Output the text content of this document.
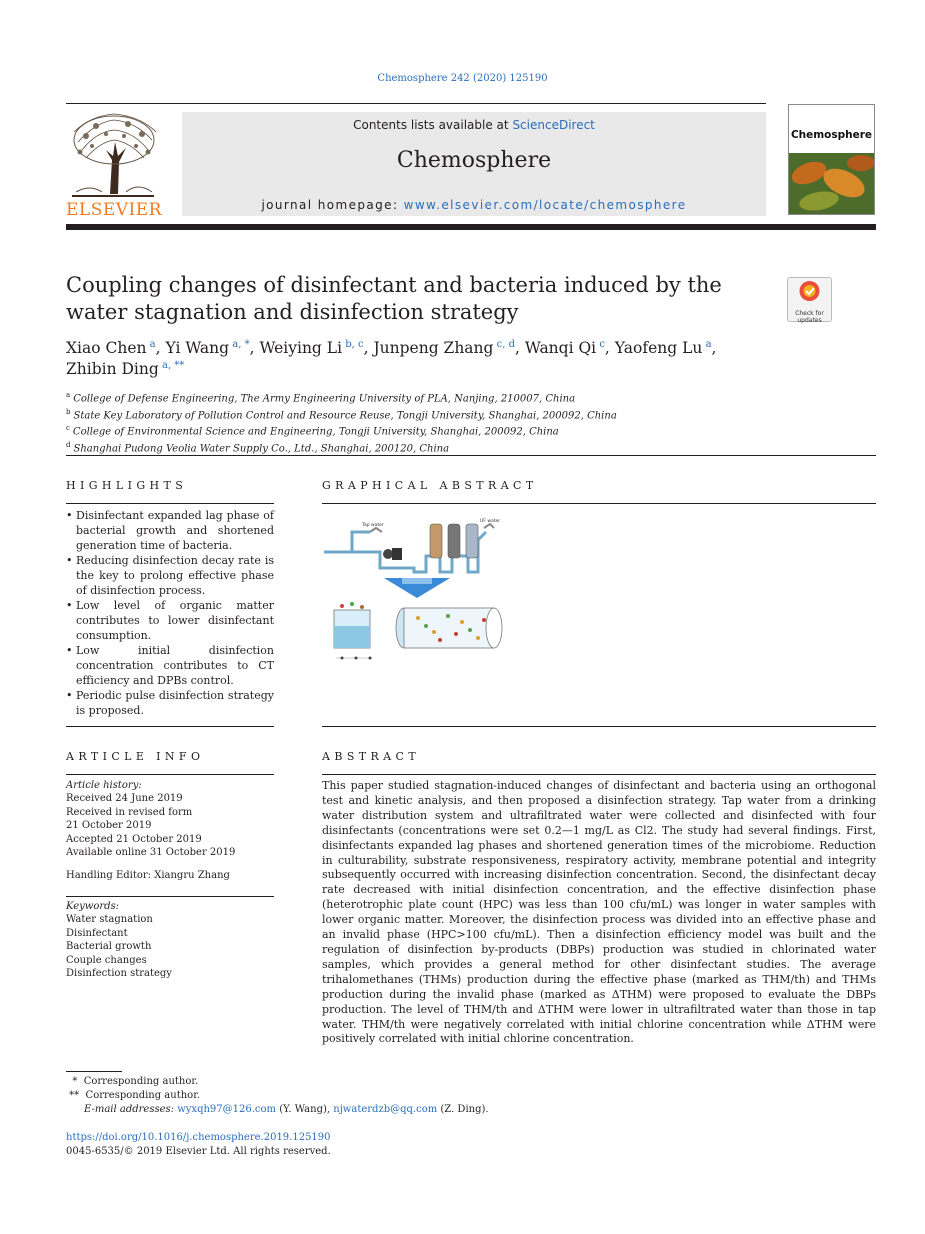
Chemosphere 242 (2020) 125190
ELSEVIER
Contents lists available at ScienceDirect
Chemosphere
journal homepage: www.elsevier.com/locate/chemosphere
Chemosphere
Coupling changes of disinfectant and bacteria induced by the water stagnation and disinfection strategy	Check for updates
Xiao Chen $^a$, Yi Wang $^{a, *}$, Weiying Li $^{b, c}$, Junpeng Zhang $^{c, d}$, Wanqi Qi $^c$, Yaofeng Lu $^a$, Zhibin Ding $^{a, **}$
$^a$ College of Defense Engineering, The Army Engineering University of PLA, Nanjing, 210007, China
$^b$ State Key Laboratory of Pollution Control and Resource Reuse, Tongji University, Shanghai, 200092, China
$^c$ College of Environmental Science and Engineering, Tongji University, Shanghai, 200092, China
$^d$ Shanghai Pudong Veolia Water Supply Co., Ltd., Shanghai, 200120, China
HIGHLIGHTS
• Disinfectant expanded lag phase of bacterial growth and shortened generation time of bacteria.
• Reducing disinfection decay rate is the key to prolong effective phase of disinfection process.
• Low level of organic matter contributes to lower disinfectant consumption.
• Low initial disinfection concentration contributes to CT efficiency and DPBs control.
• Periodic pulse disinfection strategy is proposed.
GRAPHICAL ABSTRACT
Tap water
UF water
ARTICLE INFO
Article history:
Received 24 June 2019
Received in revised form
21 October 2019
Accepted 21 October 2019
Available online 31 October 2019
Handling Editor: Xiangru Zhang
Keywords:
Water stagnation
Disinfectant
Bacterial growth
Couple changes
Disinfection strategy
ABSTRACT
This paper studied stagnation-induced changes of disinfectant and bacteria using an orthogonal test and kinetic analysis, and then proposed a disinfection strategy. Tap water from a drinking water distribution system and ultrafiltrated water were collected and disinfected with four disinfectants (concentrations were set 0.2—1 mg/L as Cl2. The study had several findings. First, disinfectants expanded lag phases and shortened generation times of the microbiome. Reduction in culturability, substrate responsiveness, respiratory activity, membrane potential and integrity subsequently occurred with increasing disinfection concentration. Second, the disinfectant decay rate decreased with initial disinfection concentration, and the effective disinfection phase (heterotrophic plate count (HPC) was less than 100 cfu/mL) was longer in water samples with lower organic matter. Moreover, the disinfection process was divided into an effective phase and an invalid phase (HPC>100 cfu/mL). Then a disinfection efficiency model was built and the regulation of disinfection by-products (DBPs) production was studied in chlorinated water samples, which provides a general method for other disinfectant studies. The average trihalomethanes (THMs) production during the effective phase (marked as THM/th) and THMs production during the invalid phase (marked as ΔTHM) were proposed to evaluate the DBPs production. The level of THM/th and ΔTHM were lower in ultrafiltrated water than those in tap water. THM/th were negatively correlated with initial chlorine concentration while ΔTHM were positively correlated with initial chlorine concentration.
*  Corresponding author.
**  Corresponding author.
E-mail addresses: wyxqh97@126.com (Y. Wang), njwaterdzb@qq.com (Z. Ding).
https://doi.org/10.1016/j.chemosphere.2019.125190
0045-6535/© 2019 Elsevier Ltd. All rights reserved.
